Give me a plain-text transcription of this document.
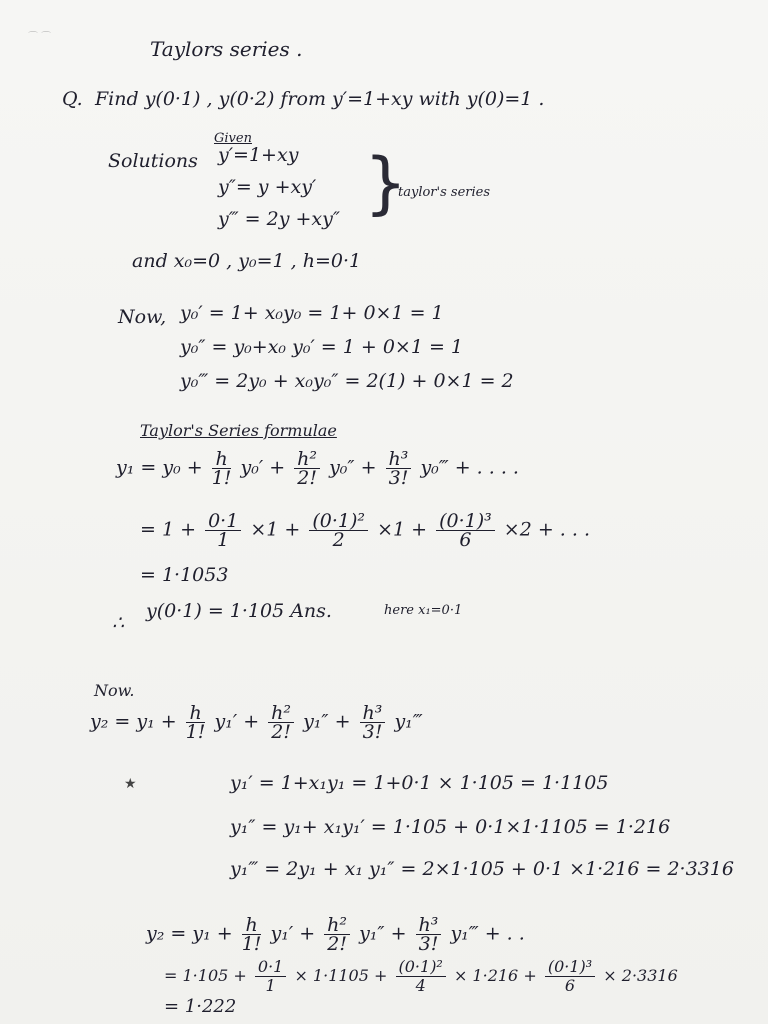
⌒ ⌒	Taylors series .
Q. Find y(0·1) , y(0·2) from y′=1+xy with y(0)=1 .
Given
Solutions y′=1+xy
y″= y +xy′
y‴ = 2y +xy″ }
taylor's series
and x₀=0 , y₀=1 , h=0·1
Now, y₀′ = 1+ x₀y₀ = 1+ 0×1 = 1
y₀″ = y₀+x₀ y₀′ = 1 + 0×1 = 1
y₀‴ = 2y₀ + x₀y₀″ = 2(1) + 0×1 = 2
Taylor's Series formulae
$y_1 = y_0 + \frac{h}{1!} y_0' + \frac{\text{h²}}{2!} y_0'' + \frac{\text{h³}}{3!}$ y₀‴ + . . . .
= $1 + \frac{0\cdot 1}{1} \times 1 + \frac{\text{(0·1)²}}{2} \times 1 + \frac{\text{(0·1)³}}{6} \times 2$ + . . .
= 1·1053
∴
y(0·1) = 1·105 Ans.	here x₁=0·1
Now.
$y_2 = y_1 + \frac{h}{1!} y_1' + \frac{\text{h²}}{2!} y_1'' + \frac{\text{h³}}{3!}$ y₁‴
★	y₁′ = 1+x₁y₁ = 1+0·1 × 1·105 = 1·1105
y₁″ = y₁+ x₁y₁′ = 1·105 + 0·1×1·1105 = 1·216
y₁‴ = 2y₁ + x₁ y₁″ = 2×1·105 + 0·1 ×1·216 = 2·3316
$y_2 = y_1 + \frac{h}{1!} y_1' + \frac{\text{h²}}{2!} y_1'' + \frac{\text{h³}}{3!}$ y₁‴ + . .
= $1\cdot 105 + \frac{0\cdot 1}{1} \times 1\cdot 1105 + \frac{\text{(0·1)²}}{4} \times 1\cdot 216 + \frac{\text{(0·1)³}}{6} \times 2\cdot 3316$
= 1·222
